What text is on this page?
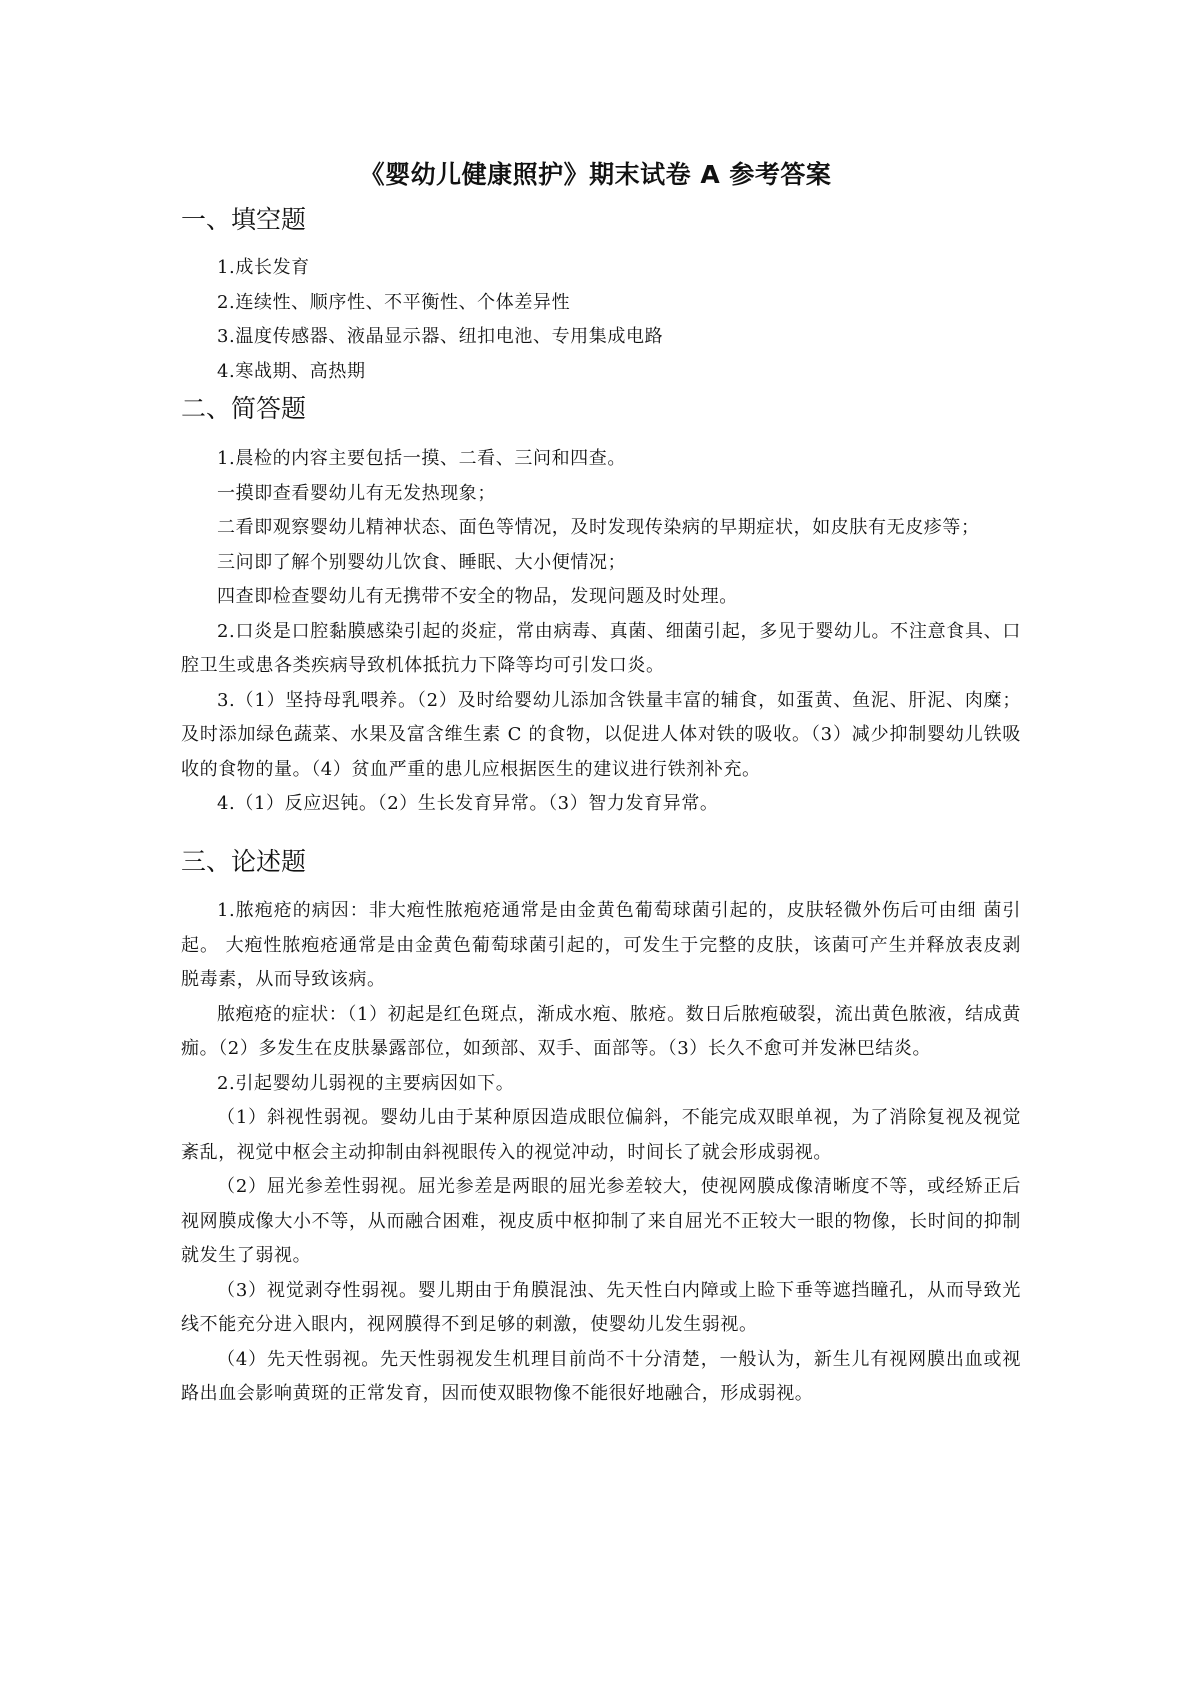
《婴幼儿健康照护》期末试卷 A 参考答案
一、填空题

1.成长发育

2.连续性、顺序性、不平衡性、个体差异性

3.温度传感器、液晶显示器、纽扣电池、专用集成电路

4.寒战期、高热期

二、简答题

1.晨检的内容主要包括一摸、二看、三问和四查。

一摸即查看婴幼儿有无发热现象；

二看即观察婴幼儿精神状态、面色等情况，及时发现传染病的早期症状，如皮肤有无皮疹等；

三问即了解个别婴幼儿饮食、睡眠、大小便情况；

四查即检查婴幼儿有无携带不安全的物品，发现问题及时处理。

2.口炎是口腔黏膜感染引起的炎症，常由病毒、真菌、细菌引起，多见于婴幼儿。不注意食具、口腔卫生或患各类疾病导致机体抵抗力下降等均可引发口炎。

3.（1）坚持母乳喂养。（2）及时给婴幼儿添加含铁量丰富的辅食，如蛋黄、鱼泥、肝泥、肉糜；及时添加绿色蔬菜、水果及富含维生素 C 的食物，以促进人体对铁的吸收。（3）减少抑制婴幼儿铁吸收的食物的量。（4）贫血严重的患儿应根据医生的建议进行铁剂补充。

4.（1）反应迟钝。（2）生长发育异常。（3）智力发育异常。

三、论述题

1.脓疱疮的病因：非大疱性脓疱疮通常是由金黄色葡萄球菌引起的，皮肤轻微外伤后可由细 菌引起。 大疱性脓疱疮通常是由金黄色葡萄球菌引起的，可发生于完整的皮肤，该菌可产生并释放表皮剥脱毒素，从而导致该病。

脓疱疮的症状：（1）初起是红色斑点，渐成水疱、脓疮。数日后脓疱破裂，流出黄色脓液，结成黄痂。（2）多发生在皮肤暴露部位，如颈部、双手、面部等。（3）长久不愈可并发淋巴结炎。

2.引起婴幼儿弱视的主要病因如下。

（1）斜视性弱视。婴幼儿由于某种原因造成眼位偏斜，不能完成双眼单视，为了消除复视及视觉紊乱，视觉中枢会主动抑制由斜视眼传入的视觉冲动，时间长了就会形成弱视。

（2）屈光参差性弱视。屈光参差是两眼的屈光参差较大，使视网膜成像清晰度不等，或经矫正后视网膜成像大小不等，从而融合困难，视皮质中枢抑制了来自屈光不正较大一眼的物像，长时间的抑制就发生了弱视。

（3）视觉剥夺性弱视。婴儿期由于角膜混浊、先天性白内障或上睑下垂等遮挡瞳孔，从而导致光线不能充分进入眼内，视网膜得不到足够的刺激，使婴幼儿发生弱视。

（4）先天性弱视。先天性弱视发生机理目前尚不十分清楚，一般认为，新生儿有视网膜出血或视路出血会影响黄斑的正常发育，因而使双眼物像不能很好地融合，形成弱视。
